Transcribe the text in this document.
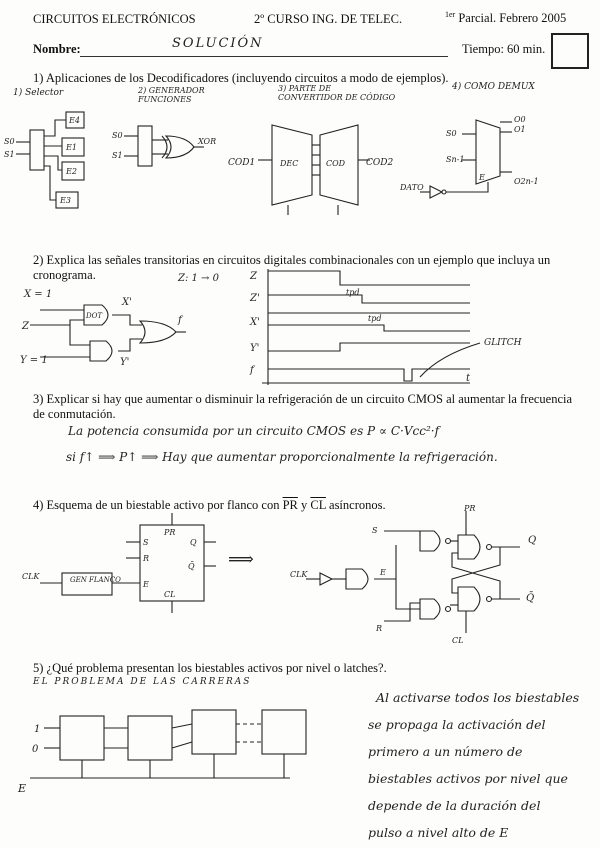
CIRCUITOS ELECTRÓNICOS	2º CURSO ING. DE TELEC.	$^{1er}$ Parcial. Febrero 2005
Nombre:	SOLUCIÓN	Tiempo: 60 min.
1) Aplicaciones de los Decodificadores (incluyendo circuitos a modo de ejemplos).
1) Selector	2) GENERADOR FUNCIONES
3) PARTE DE CONVERTIDOR DE CÓDIGO
4) COMO DEMUX
S0
S1
E4
E1
E2
E3
S0
S1
XOR
COD1	DEC	COD COD2
S0
Sn-1
E
O0
O1
O2n-1
DATO
2) Explica las señales transitorias en circuitos digitales combinacionales con un ejemplo que incluya un
cronograma.
X = 1
Z
Y = 1
DOT
X'
Y'
f
Z: 1 → 0
t
Z
Z'
X'
Y'
f
tpd
tpd
GLITCH
3) Explicar si hay que aumentar o disminuir la refrigeración de un circuito CMOS al aumentar la frecuencia
de conmutación.
La potencia consumida por un circuito CMOS es P ∝ C·Vcc²·f
si f↑ ⟹ P↑ ⟹ Hay que aumentar proporcionalmente la refrigeración.
4) Esquema de un biestable activo por flanco con $\overline{PR}$ y $\overline{CL}$ asíncronos.
S
R
E
Q
Q̄
PR
CL
CLK	GEN FLANCO
⟹
CLK	E
S
R
PR
CL
Q
Q̄
5) ¿Qué problema presentan los biestables activos por nivel o latches?.
EL PROBLEMA DE LAS CARRERAS
1
0
E
Al activarse todos los biestables
se propaga la activación del
primero a un número de
biestables activos por nivel que
depende de la duración del
pulso a nivel alto de E
